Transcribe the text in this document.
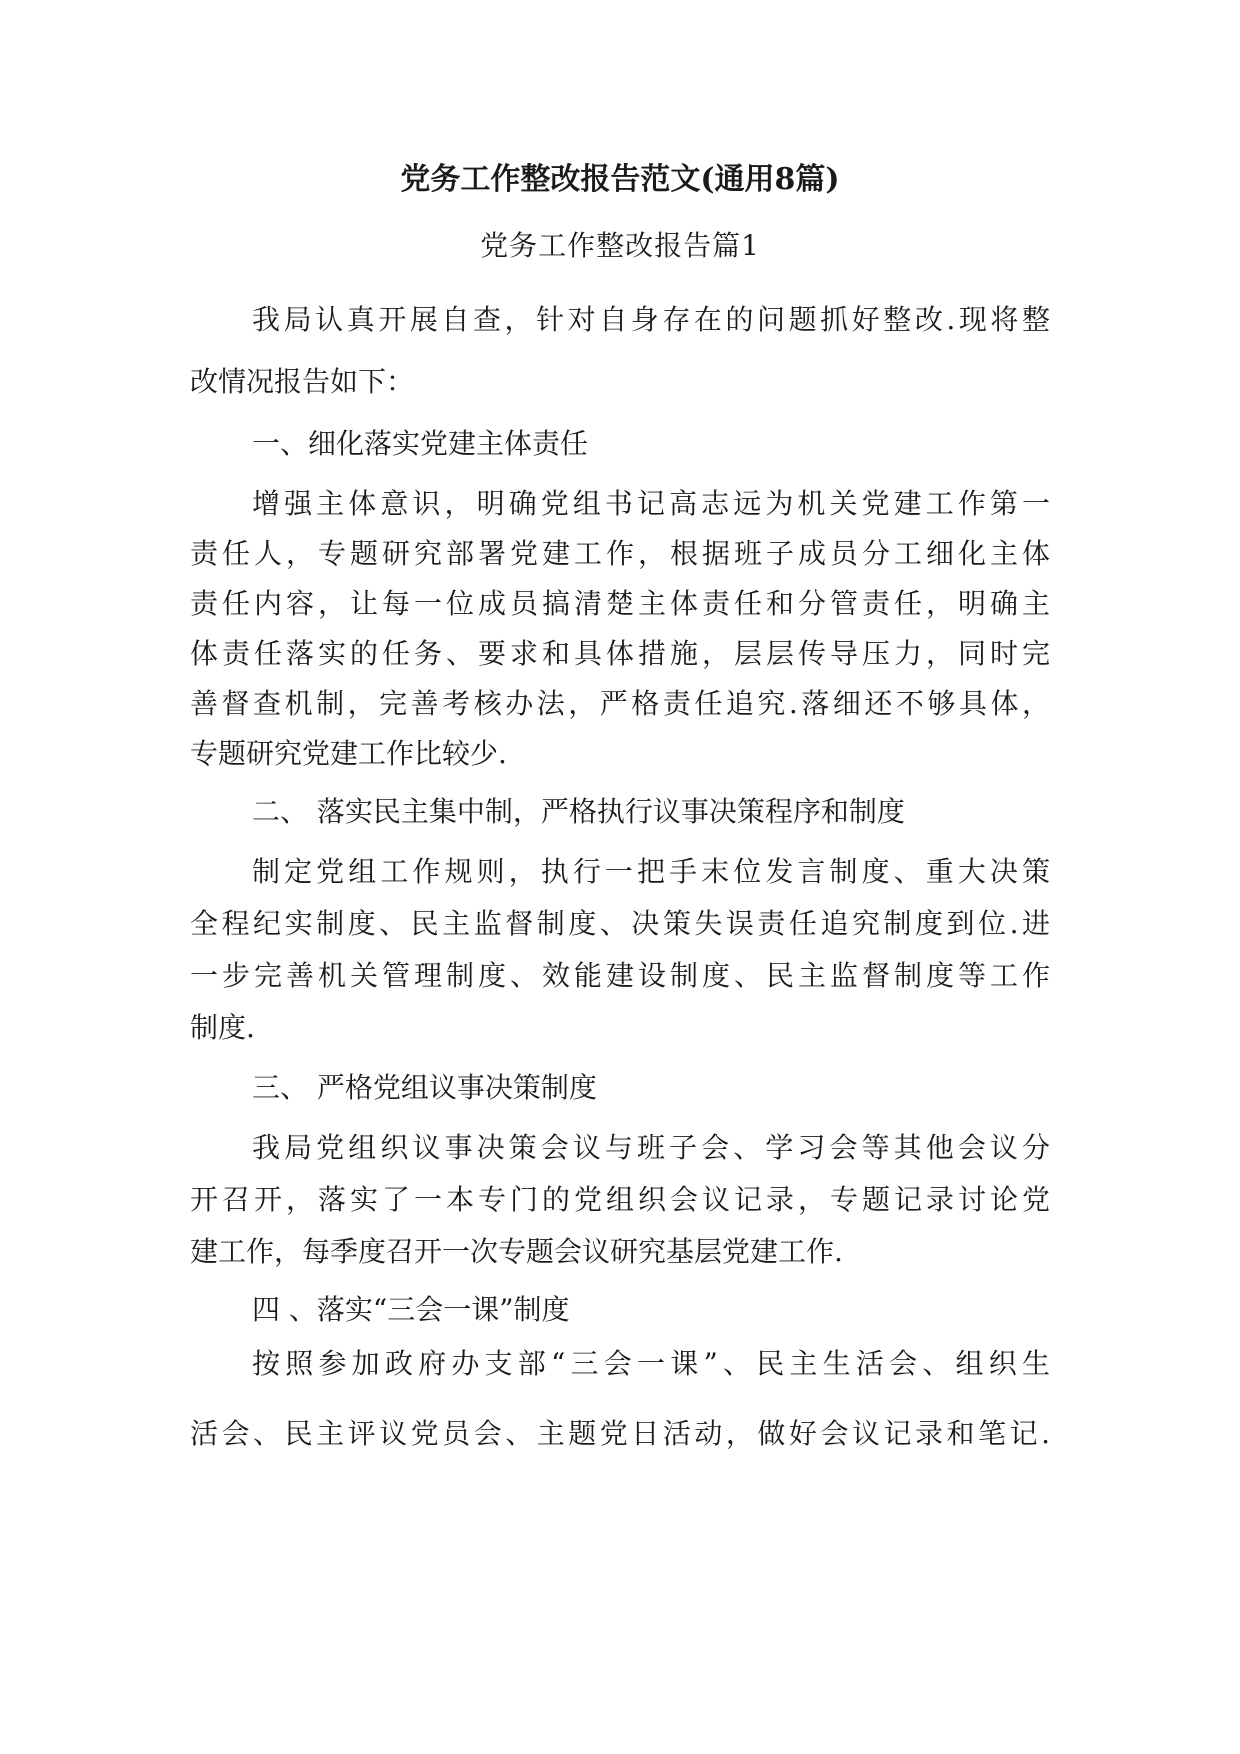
党务工作整改报告范文(通用8篇)
党务工作整改报告篇1
我局认真开展自查，针对自身存在的问题抓好整改.现将整
改情况报告如下：
一、细化落实党建主体责任
增强主体意识，明确党组书记高志远为机关党建工作第一
责任人，专题研究部署党建工作，根据班子成员分工细化主体
责任内容，让每一位成员搞清楚主体责任和分管责任，明确主
体责任落实的任务、要求和具体措施，层层传导压力，同时完
善督查机制，完善考核办法，严格责任追究.落细还不够具体，
专题研究党建工作比较少.
二、 落实民主集中制，严格执行议事决策程序和制度
制定党组工作规则，执行一把手末位发言制度、重大决策
全程纪实制度、民主监督制度、决策失误责任追究制度到位.进
一步完善机关管理制度、效能建设制度、民主监督制度等工作
制度.
三、 严格党组议事决策制度
我局党组织议事决策会议与班子会、学习会等其他会议分
开召开，落实了一本专门的党组织会议记录，专题记录讨论党
建工作，每季度召开一次专题会议研究基层党建工作.
四 、落实“三会一课”制度
按照参加政府办支部“三会一课”、民主生活会、组织生
活会、民主评议党员会、主题党日活动，做好会议记录和笔记.
